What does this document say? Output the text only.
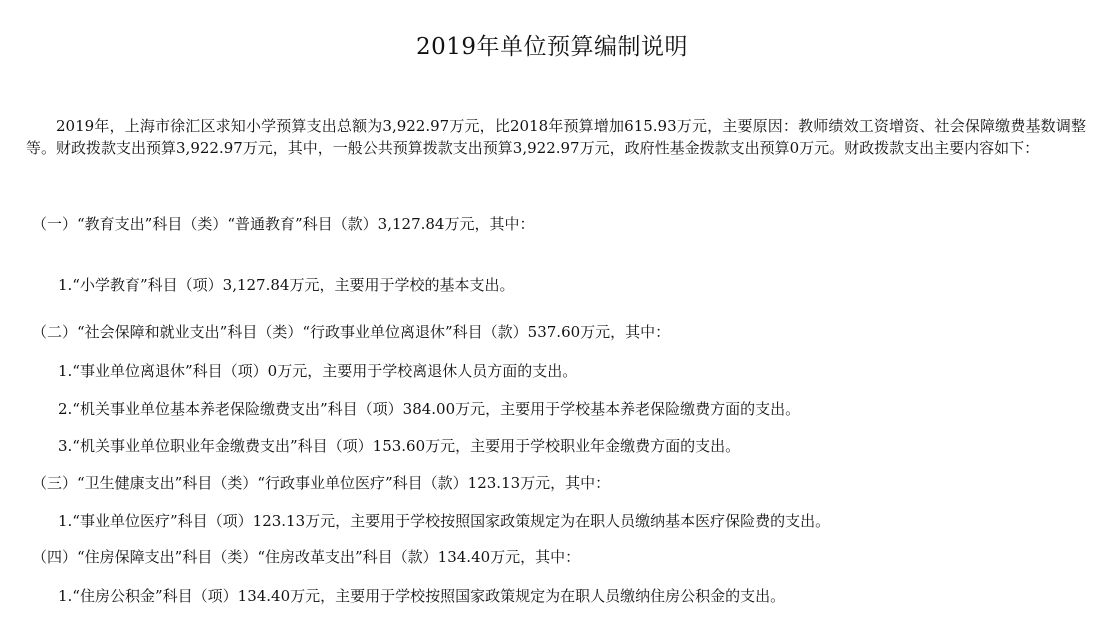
2019年单位预算编制说明

2019年，上海市徐汇区求知小学预算支出总额为3,922.97万元，比2018年预算增加615.93万元，主要原因：教师绩效工资增资、社会保障缴费基数调整等。财政拨款支出预算3,922.97万元，其中，一般公共预算拨款支出预算3,922.97万元，政府性基金拨款支出预算0万元。财政拨款支出主要内容如下：

（一）“教育支出”科目（类）“普通教育”科目（款）3,127.84万元，其中：

1.“小学教育”科目（项）3,127.84万元，主要用于学校的基本支出。

（二）“社会保障和就业支出”科目（类）“行政事业单位离退休”科目（款）537.60万元，其中：

1.“事业单位离退休”科目（项）0万元，主要用于学校离退休人员方面的支出。

2.“机关事业单位基本养老保险缴费支出”科目（项）384.00万元，主要用于学校基本养老保险缴费方面的支出。

3.“机关事业单位职业年金缴费支出”科目（项）153.60万元，主要用于学校职业年金缴费方面的支出。

（三）“卫生健康支出”科目（类）“行政事业单位医疗”科目（款）123.13万元，其中：

1.“事业单位医疗”科目（项）123.13万元，主要用于学校按照国家政策规定为在职人员缴纳基本医疗保险费的支出。

（四）“住房保障支出”科目（类）“住房改革支出”科目（款）134.40万元，其中：

1.“住房公积金”科目（项）134.40万元，主要用于学校按照国家政策规定为在职人员缴纳住房公积金的支出。
